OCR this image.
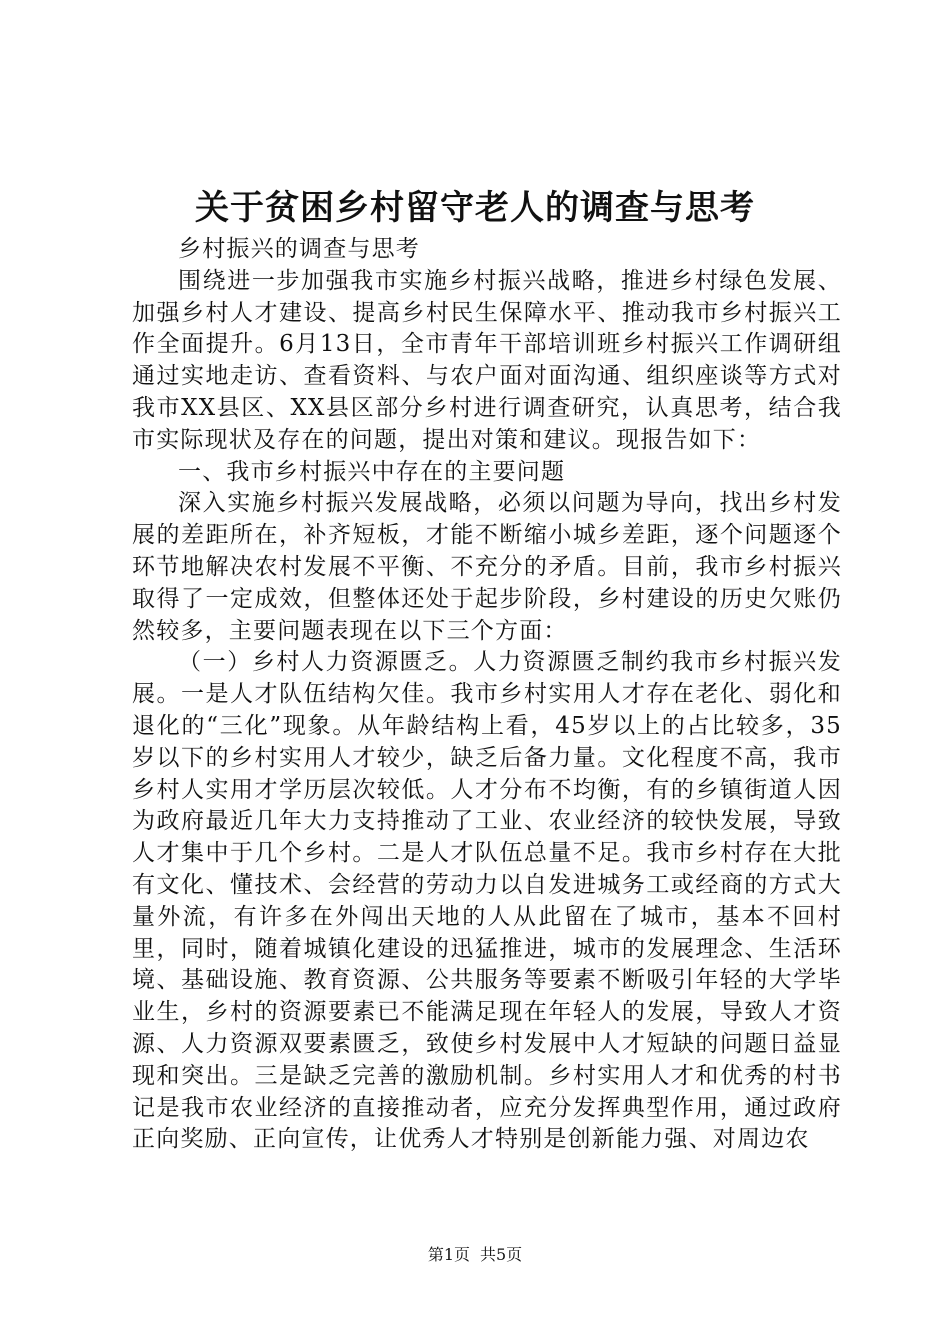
关于贫困乡村留守老人的调查与思考

乡村振兴的调查与思考

围绕进一步加强我市实施乡村振兴战略，推进乡村绿色发展、加强乡村人才建设、提高乡村民生保障水平、推动我市乡村振兴工作全面提升。6月13日，全市青年干部培训班乡村振兴工作调研组通过实地走访、查看资料、与农户面对面沟通、组织座谈等方式对我市XX县区、XX县区部分乡村进行调查研究，认真思考，结合我市实际现状及存在的问题，提出对策和建议。现报告如下：

一、我市乡村振兴中存在的主要问题

深入实施乡村振兴发展战略，必须以问题为导向，找出乡村发展的差距所在，补齐短板，才能不断缩小城乡差距，逐个问题逐个环节地解决农村发展不平衡、不充分的矛盾。目前，我市乡村振兴取得了一定成效，但整体还处于起步阶段，乡村建设的历史欠账仍然较多，主要问题表现在以下三个方面：

（一）乡村人力资源匮乏。人力资源匮乏制约我市乡村振兴发展。一是人才队伍结构欠佳。我市乡村实用人才存在老化、弱化和退化的“三化”现象。从年龄结构上看，45岁以上的占比较多，35岁以下的乡村实用人才较少，缺乏后备力量。文化程度不高，我市乡村人实用才学历层次较低。人才分布不均衡，有的乡镇街道人因为政府最近几年大力支持推动了工业、农业经济的较快发展，导致人才集中于几个乡村。二是人才队伍总量不足。我市乡村存在大批有文化、懂技术、会经营的劳动力以自发进城务工或经商的方式大量外流，有许多在外闯出天地的人从此留在了城市，基本不回村里，同时，随着城镇化建设的迅猛推进，城市的发展理念、生活环境、基础设施、教育资源、公共服务等要素不断吸引年轻的大学毕业生，乡村的资源要素已不能满足现在年轻人的发展，导致人才资源、人力资源双要素匮乏，致使乡村发展中人才短缺的问题日益显现和突出。三是缺乏完善的激励机制。乡村实用人才和优秀的村书记是我市农业经济的直接推动者，应充分发挥典型作用，通过政府正向奖励、正向宣传，让优秀人才特别是创新能力强、对周边农

第1页 共5页
